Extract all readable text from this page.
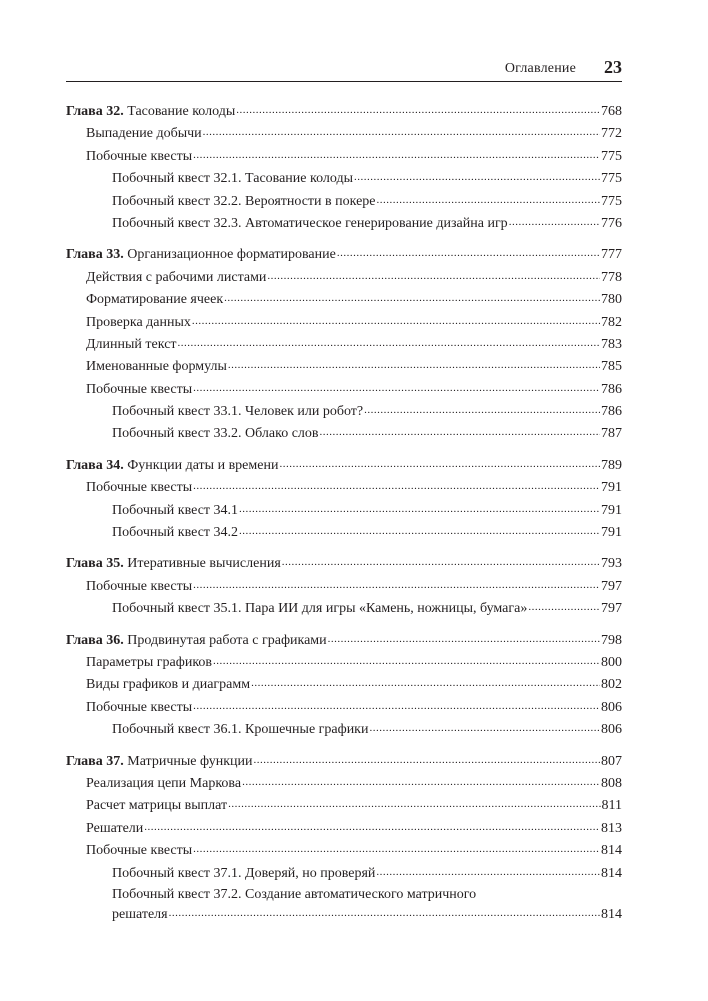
Оглавление 23
Глава 32. Тасование колоды .....	768
Выпадение добычи .....	772
Побочные квесты .....	775
Побочный квест 32.1. Тасование колоды .....	775
Побочный квест 32.2. Вероятности в покере .....	775
Побочный квест 32.3. Автоматическое генерирование дизайна игр .....	776
Глава 33. Организационное форматирование .....	777
Действия с рабочими листами .....	778
Форматирование ячеек .....	780
Проверка данных .....	782
Длинный текст .....	783
Именованные формулы .....	785
Побочные квесты .....	786
Побочный квест 33.1. Человек или робот? .....	786
Побочный квест 33.2. Облако слов .....	787
Глава 34. Функции даты и времени .....	789
Побочные квесты .....	791
Побочный квест 34.1 .....	791
Побочный квест 34.2 .....	791
Глава 35. Итеративные вычисления .....	793
Побочные квесты .....	797
Побочный квест 35.1. Пара ИИ для игры «Камень, ножницы, бумага» .....	797
Глава 36. Продвинутая работа с графиками .....	798
Параметры графиков .....	800
Виды графиков и диаграмм .....	802
Побочные квесты .....	806
Побочный квест 36.1. Крошечные графики .....	806
Глава 37. Матричные функции .....	807
Реализация цепи Маркова .....	808
Расчет матрицы выплат .....	811
Решатели .....	813
Побочные квесты .....	814
Побочный квест 37.1. Доверяй, но проверяй .....	814
Побочный квест 37.2. Создание автоматического матричного
решателя .....	814
